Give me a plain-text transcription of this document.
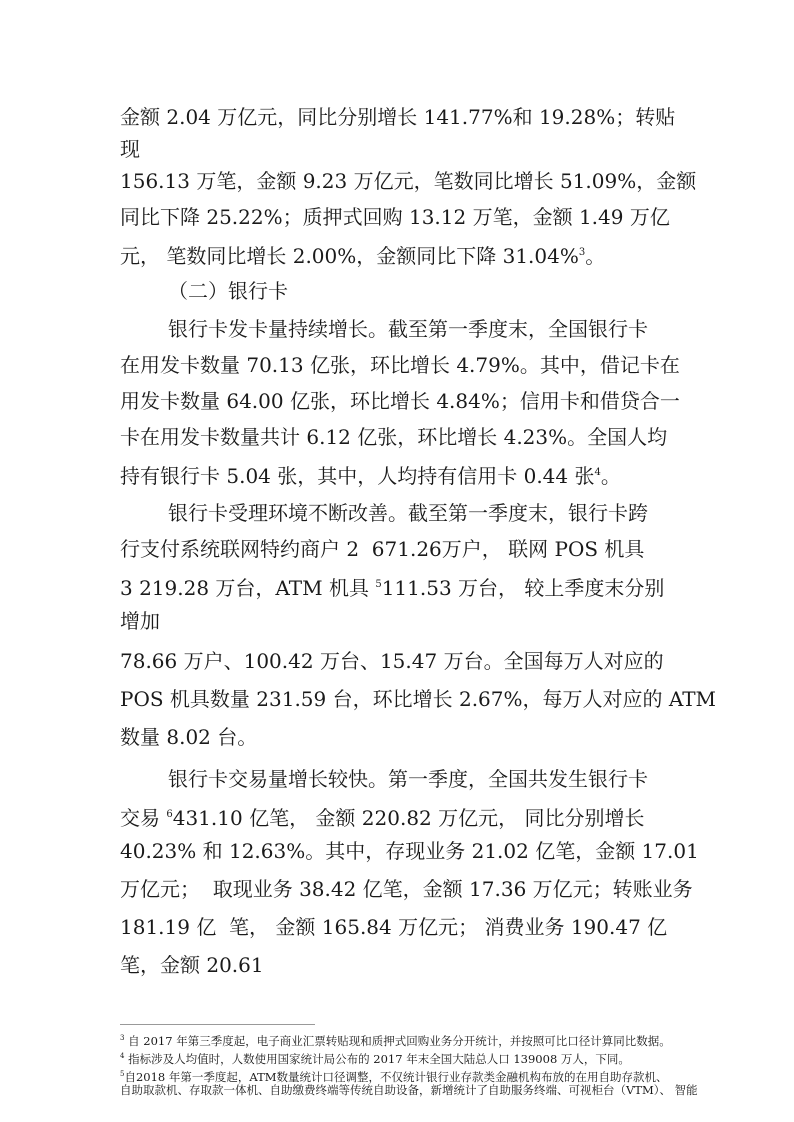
金额 2.04 万亿元，同比分别增长 141.77%和 19.28%；转贴
现
156.13 万笔，金额 9.23 万亿元，笔数同比增长 51.09%，金额
同比下降 25.22%；质押式回购 13.12 万笔，金额 1.49 万亿
元， 笔数同比增长 2.00%，金额同比下降 31.04%$^3$。
（二）银行卡
银行卡发卡量持续增长。截至第一季度末，全国银行卡
在用发卡数量 70.13 亿张，环比增长 4.79%。其中，借记卡在
用发卡数量 64.00 亿张，环比增长 4.84%；信用卡和借贷合一
卡在用发卡数量共计 6.12 亿张，环比增长 4.23%。全国人均
持有银行卡 5.04 张，其中，人均持有信用卡 0.44 张$^4$。
银行卡受理环境不断改善。截至第一季度末，银行卡跨
行支付系统联网特约商户 2  671.26万户， 联网 POS 机具
3 219.28 万台，ATM 机具 $^5$111.53 万台， 较上季度末分别
增加
78.66 万户、100.42 万台、15.47 万台。全国每万人对应的
POS 机具数量 231.59 台，环比增长 2.67%，每万人对应的 ATM
数量 8.02 台。
银行卡交易量增长较快。第一季度，全国共发生银行卡
交易 $^6$431.10 亿笔， 金额 220.82 万亿元， 同比分别增长
40.23% 和 12.63%。其中，存现业务 21.02 亿笔，金额 17.01
万亿元；  取现业务 38.42 亿笔，金额 17.36 万亿元；转账业务
181.19 亿  笔， 金额 165.84 万亿元； 消费业务 190.47 亿
笔，金额 20.61
$^3$ 自 2017 年第三季度起，电子商业汇票转贴现和质押式回购业务分开统计，并按照可比口径计算同比数据。
$^4$ 指标涉及人均值时，人数使用国家统计局公布的 2017 年末全国大陆总人口 139008 万人，下同。
$^5$自2018 年第一季度起，ATM数量统计口径调整，不仅统计银行业存款类金融机构布放的在用自助存款机、
自助取款机、存取款一体机、自助缴费终端等传统自助设备，新增统计了自助服务终端、可视柜台（VTM）、 智能
